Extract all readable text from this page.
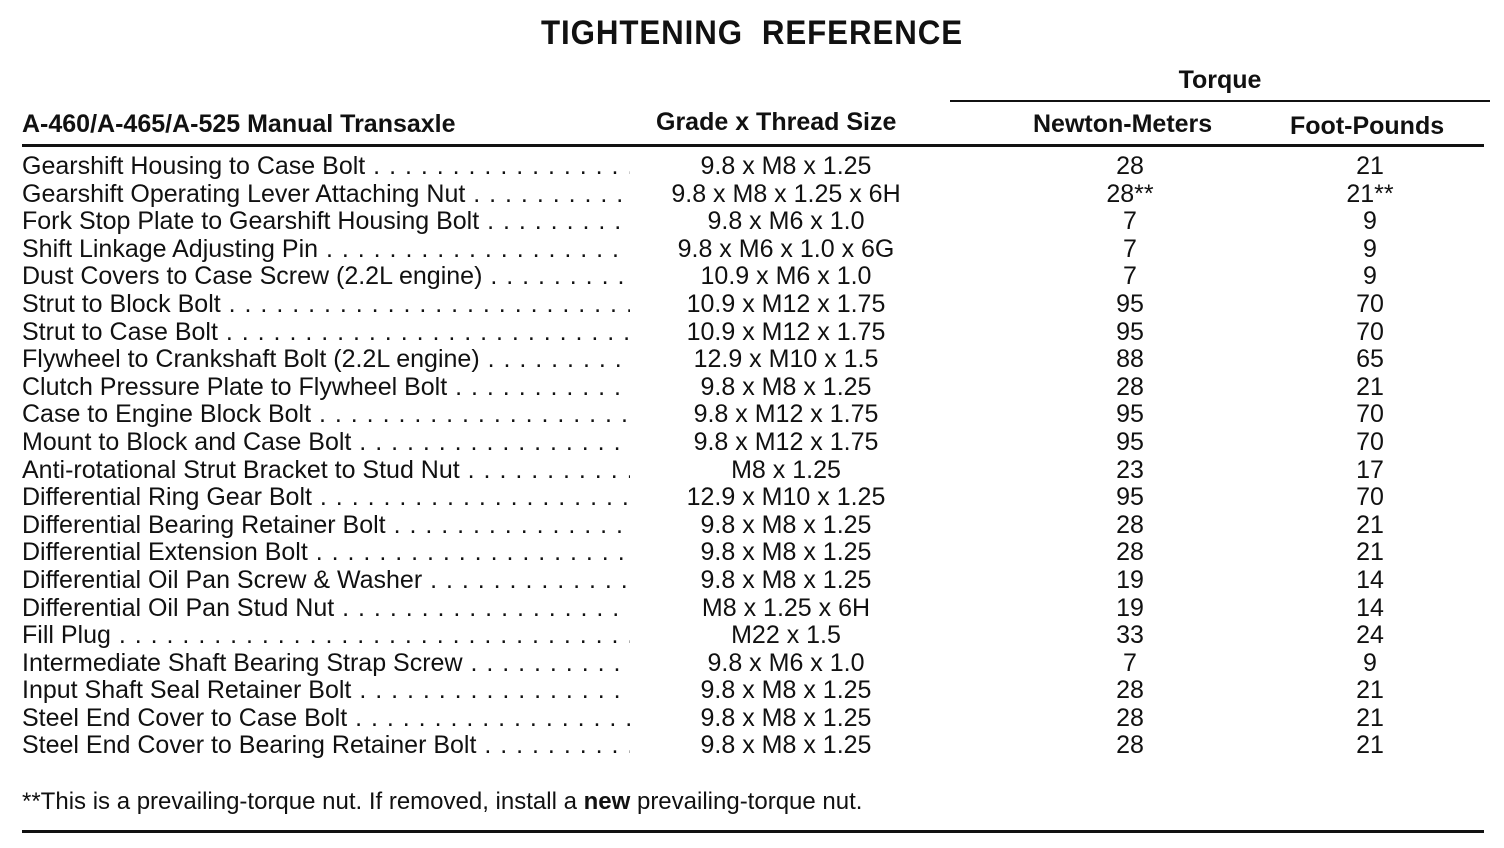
TIGHTENING REFERENCE
Torque
A-460/A-465/A-525 Manual Transaxle	Grade x Thread Size	Newton-Meters	Foot-Pounds
Gearshift Housing to Case Bolt . . .	9.8 x M8 x 1.25	28	21
Gearshift Operating Lever Attaching Nut . . .	9.8 x M8 x 1.25 x 6H	28**	21**
Fork Stop Plate to Gearshift Housing Bolt . . .	9.8 x M6 x 1.0	7	9
Shift Linkage Adjusting Pin . . .	9.8 x M6 x 1.0 x 6G	7	9
Dust Covers to Case Screw (2.2L engine) . . .	10.9 x M6 x 1.0	7	9
Strut to Block Bolt . . .	10.9 x M12 x 1.75	95	70
Strut to Case Bolt . . .	10.9 x M12 x 1.75	95	70
Flywheel to Crankshaft Bolt (2.2L engine) . . .	12.9 x M10 x 1.5	88	65
Clutch Pressure Plate to Flywheel Bolt . . .	9.8 x M8 x 1.25	28	21
Case to Engine Block Bolt . . .	9.8 x M12 x 1.75	95	70
Mount to Block and Case Bolt . . .	9.8 x M12 x 1.75	95	70
Anti-rotational Strut Bracket to Stud Nut . . .	M8 x 1.25	23	17
Differential Ring Gear Bolt . . .	12.9 x M10 x 1.25	95	70
Differential Bearing Retainer Bolt . . .	9.8 x M8 x 1.25	28	21
Differential Extension Bolt . . .	9.8 x M8 x 1.25	28	21
Differential Oil Pan Screw & Washer . . .	9.8 x M8 x 1.25	19	14
Differential Oil Pan Stud Nut . . .	M8 x 1.25 x 6H	19	14
Fill Plug . . .	M22 x 1.5	33	24
Intermediate Shaft Bearing Strap Screw . . .	9.8 x M6 x 1.0	7	9
Input Shaft Seal Retainer Bolt . . .	9.8 x M8 x 1.25	28	21
Steel End Cover to Case Bolt . . .	9.8 x M8 x 1.25	28	21
Steel End Cover to Bearing Retainer Bolt . . .	9.8 x M8 x 1.25	28	21
**This is a prevailing-torque nut. If removed, install a new prevailing-torque nut.
